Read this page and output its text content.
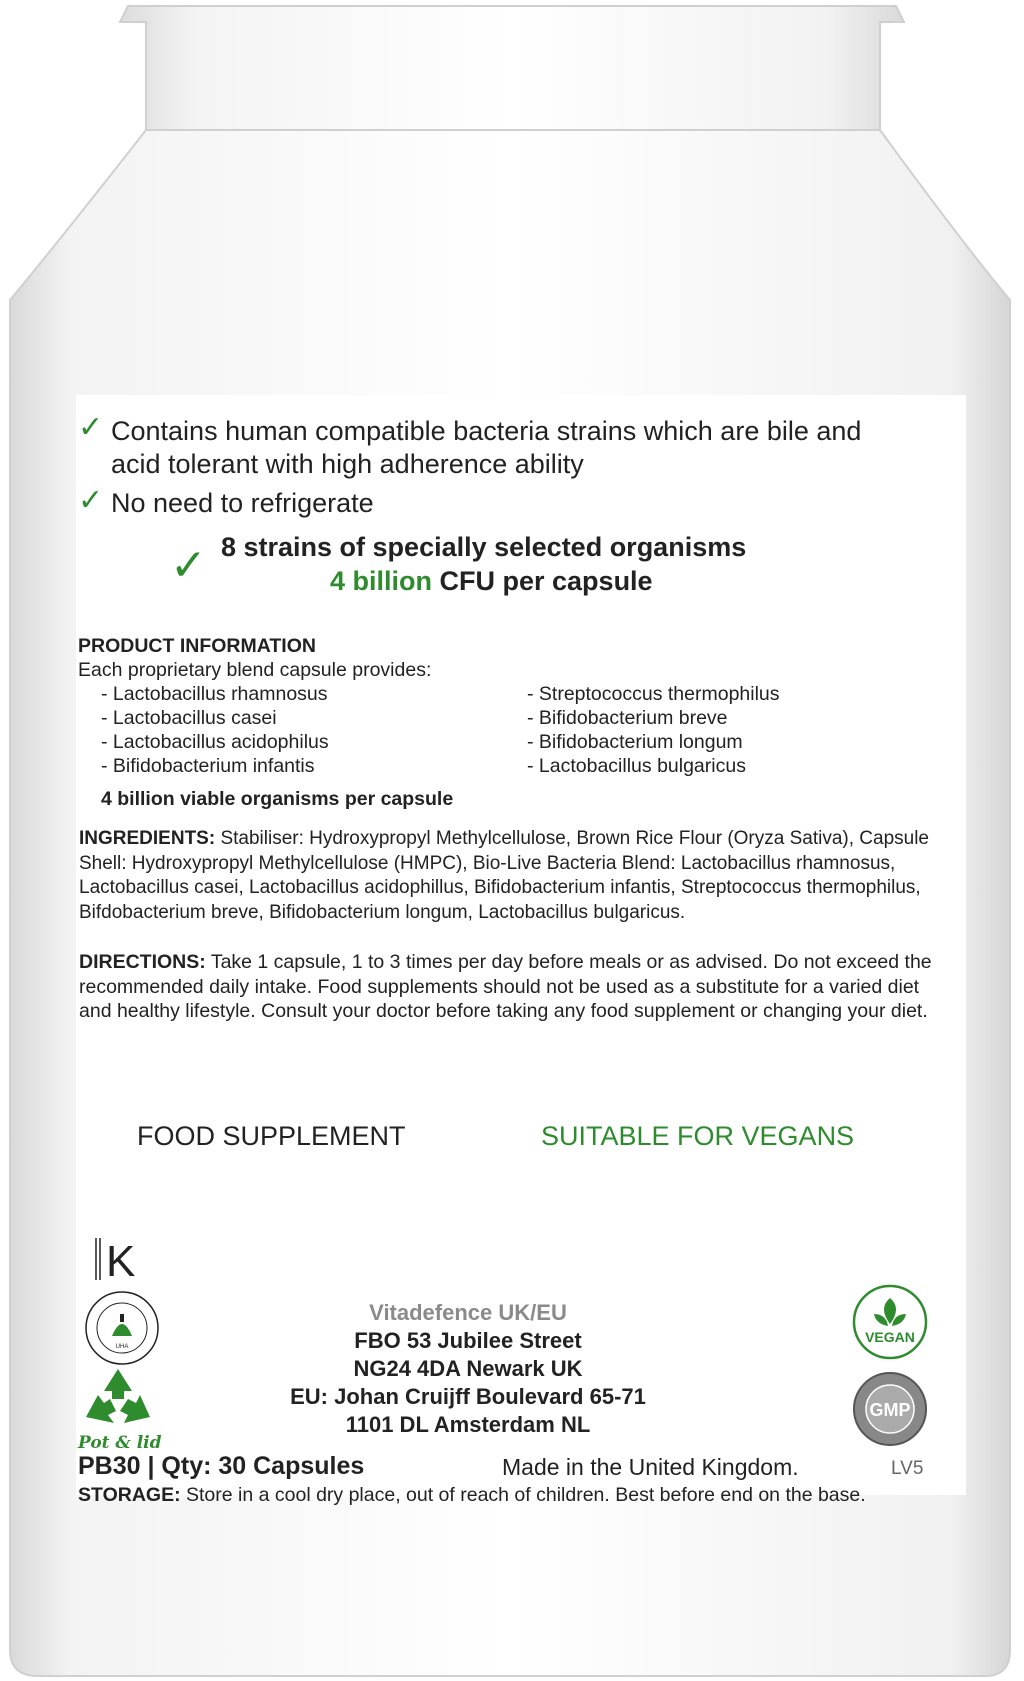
✓ Contains human compatible bacteria strains which are bile and
acid tolerant with high adherence ability
✓ No need to refrigerate
✓ 8 strains of specially selected organisms
4 billion CFU per capsule
PRODUCT INFORMATION
Each proprietary blend capsule provides:
- Lactobacillus rhamnosus
- Lactobacillus casei
- Lactobacillus acidophilus
- Bifidobacterium infantis
- Streptococcus thermophilus
- Bifidobacterium breve
- Bifidobacterium longum
- Lactobacillus bulgaricus
4 billion viable organisms per capsule
INGREDIENTS: Stabiliser: Hydroxypropyl Methylcellulose, Brown Rice Flour (Oryza Sativa), Capsule Shell: Hydroxypropyl Methylcellulose (HMPC), Bio-Live Bacteria Blend: Lactobacillus rhamnosus, Lactobacillus casei, Lactobacillus acidophillus, Bifidobacterium infantis, Streptococcus thermophilus, Bifdobacterium breve, Bifidobacterium longum, Lactobacillus bulgaricus.
DIRECTIONS: Take 1 capsule, 1 to 3 times per day before meals or as advised. Do not exceed the recommended daily intake. Food supplements should not be used as a substitute for a varied diet and healthy lifestyle. Consult your doctor before taking any food supplement or changing your diet.
FOOD SUPPLEMENT	SUITABLE FOR VEGANS
K
UHA
Pot & lid
Vitadefence UK/EU
FBO 53 Jubilee Street
NG24 4DA Newark UK
EU: Johan Cruijff Boulevard 65-71
1101 DL Amsterdam NL
VEGAN
GMP
PB30 | Qty: 30 Capsules	Made in the United Kingdom.	LV5
STORAGE: Store in a cool dry place, out of reach of children. Best before end on the base.
